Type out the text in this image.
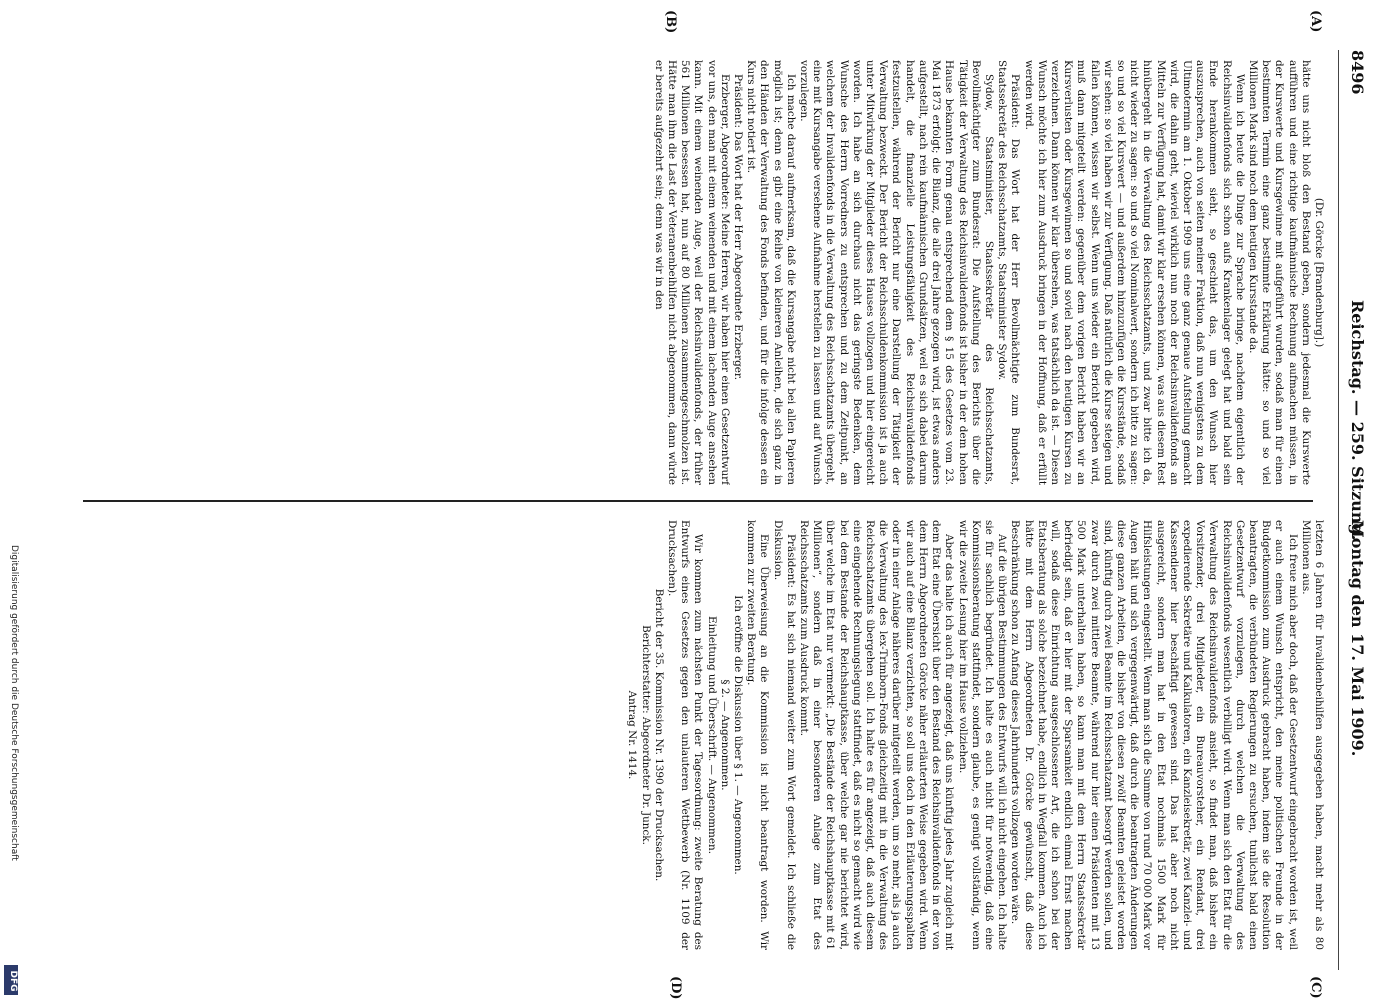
8496
Reichstag. — 259. Sitzung.
Montag den 17. Mai 1909.
(A)
(B)
(C)
(D)

(Dr. Görcke [Brandenburg].)

hätte uns nicht bloß den Bestand geben, sondern jedesmal die Kurswerte aufführen und eine richtige kaufmännische Rechnung aufmachen müssen, in der Kurswerte und Kursgewinne mit aufgeführt wurden, sodaß man für einen bestimmten Termin eine ganz bestimmte Erklärung hätte: so und so viel Millionen Mark sind noch dem heutigen Kursstande da.

Wenn ich heute die Dinge zur Sprache bringe, nachdem eigentlich der Reichsinvalidenfonds sich schon aufs Krankenlager gelegt hat und bald sein Ende herankommen sieht, so geschieht das, um den Wunsch hier auszusprechen, auch von seiten meiner Fraktion, daß nun wenigstens zu dem Ultimotermin am 1. Oktober 1909 uns eine ganz genaue Aufstellung gemacht wird, die dahin geht, wieviel wirklich nun noch der Reichsinvalidenfonds an Mitteln zur Verfügung hat, damit wir klar ersehen können, was aus diesem Rest hinübergeht in die Verwaltung des Reichsschatzamts, und zwar bitte ich da, nicht wieder zu sagen: so und so viel Nominalwert, sondern ich bitte zu sagen: so und so viel Kurswert — und außerdem hinzuzufügen die Kursstände, sodaß wir sehen: so viel haben wir zur Verfügung. Daß natürlich die Kurse steigen und fallen können, wissen wir selbst. Wenn uns wieder ein Bericht gegeben wird, muß dann mitgeteilt werden: gegenüber dem vorigen Bericht haben wir an Kursverlusten oder Kursgewinnen so und soviel nach den heutigen Kursen zu verzeichnen. Dann können wir klar übersehen, was tatsächlich da ist. — Diesen Wunsch möchte ich hier zum Ausdruck bringen in der Hoffnung, daß er erfüllt werden wird.

Präsident: Das Wort hat der Herr Bevollmächtigte zum Bundesrat, Staatssekretär des Reichsschatzamts, Staatsminister Sydow.

Sydow, Staatsminister, Staatssekretär des Reichsschatzamts, Bevollmächtigter zum Bundesrat: Die Aufstellung des Berichts über die Tätigkeit der Verwaltung des Reichsinvalidenfonds ist bisher in der dem hohen Hause bekannten Form genau entsprechend dem § 15 des Gesetzes vom 23. Mai 1873 erfolgt; die Bilanz, die alle drei Jahre gezogen wird, ist etwas anders aufgestellt, nach rein kaufmännischen Grundsätzen, weil es sich dabei darum handelt, die finanzielle Leistungsfähigkeit des Reichsinvalidenfonds festzustellen, während der Bericht nur eine Darstellung der Tätigkeit der Verwaltung bezweckt. Der Bericht der Reichsschuldenkommission ist ja auch unter Mitwirkung der Mitglieder dieses Hauses vollzogen und hier eingereicht worden. Ich habe an sich durchaus nicht das geringste Bedenken, dem Wunsche des Herrn Vorredners zu entsprechen und zu dem Zeitpunkt, an welchem der Invalidenfonds in die Verwaltung des Reichsschatzamts übergeht, eine mit Kursangabe versehene Aufnahme herstellen zu lassen und auf Wunsch vorzulegen.

Ich mache darauf aufmerksam, daß die Kursangabe nicht bei allen Papieren möglich ist; denn es gibt eine Reihe von kleineren Anleihen, die sich ganz in den Händen der Verwaltung des Fonds befinden, und für die infolge dessen ein Kurs nicht notiert ist.

Präsident: Das Wort hat der Herr Abgeordnete Erzberger.

Erzberger, Abgeordneter: Meine Herren, wir haben hier einen Gesetzentwurf vor uns, den man mit einem weinenden und mit einem lachenden Auge ansehen kann. Mit einem weinenden Auge, weil der Reichsinvalidenfonds, der früher 561 Millionen besessen hat, nun auf 80 Millionen zusammengeschmolzen ist. Hätte man ihm die Last der Veteranenbeihilfen nicht abgenommen, dann würde er bereits aufgezehrt sein; denn was wir in den

letzten 6 Jahren für Invalidenbeihilfen ausgegeben haben, macht mehr als 80 Millionen aus.

Ich freue mich aber doch, daß der Gesetzentwurf eingebracht worden ist, weil er auch einem Wunsch entspricht, den meine politischen Freunde in der Budgetkommission zum Ausdruck gebracht haben, indem sie die Resolution beantragten, die verbündeten Regierungen zu ersuchen, tunlichst bald einen Gesetzentwurf vorzulegen, durch welchen die Verwaltung des Reichsinvalidenfonds wesentlich verbilligt wird. Wenn man sich den Etat für die Verwaltung des Reichsinvalidenfonds ansieht, so findet man, daß bisher ein Vorsitzender, drei Mitglieder, ein Bureauvorsteher, ein Rendant, drei expedierende Sekretäre und Kalkulatoren, ein Kanzleisekretär, zwei Kanzlei- und Kassendiener hier beschäftigt gewesen sind. Das hat aber noch nicht ausgereicht, sondern man hat in den Etat nochmals 1500 Mark für Hilfsleistungen eingestellt. Wenn man sich die Summe von rund 70 000 Mark vor Augen hält und sich vergegenwärtigt, daß durch die beantragten Änderungen diese ganzen Arbeiten, die bisher von diesen zwölf Beamten geleistet worden sind, künftig durch zwei Beamte im Reichsschatzamt besorgt werden sollen, und zwar durch zwei mittlere Beamte, während nur hier einen Präsidenten mit 13 500 Mark unterhalten haben, so kann man mit dem Herrn Staatssekretär befriedigt sein, daß er hier mit der Sparsamkeit endlich einmal Ernst machen will, sodaß diese Einrichtung ausgeschlossener Art, die ich schon bei der Etatsberatung als solche bezeichnet habe, endlich in Wegfall kommen. Auch ich hätte mit dem Herrn Abgeordneten Dr. Görcke gewünscht, daß diese Beschränkung schon zu Anfang dieses Jahrhunderts vollzogen worden wäre.

Auf die übrigen Bestimmungen des Entwurfs will ich nicht eingehen. Ich halte sie für sachlich begründet. Ich halte es auch nicht für notwendig, daß eine Kommissionsberatung stattfindet, sondern glaube, es genügt vollständig, wenn wir die zweite Lesung hier im Hause vollziehen.

Aber das halte ich auch für angezeigt, daß uns künftig jedes Jahr zugleich mit dem Etat eine Übersicht über den Bestand des Reichsinvalidenfonds in der von dem Herrn Abgeordneten Görcke näher erläuterten Weise gegeben wird. Wenn wir auch auf eine Bilanz verzichten, so soll uns doch in den Erläuterungsspalten oder in einer Anlage näheres darüber mitgeteilt werden, um so mehr, als ja auch die Verwaltung des lex-Trimborn-Fonds gleichzeitig mit in die Verwaltung des Reichsschatzamts übergehen soll. Ich halte es für angezeigt, daß auch diesem eine eingehende Rechnungslegung stattfindet, daß es nicht so gemacht wird wie bei dem Bestande der Reichshauptkasse, über welche gar nie berichtet wird, über welche im Etat nur vermerkt: „Die Bestände der Reichshauptkasse mit 61 Millionen“, sondern daß in einer besonderen Anlage zum Etat des Reichsschatzamts zum Ausdruck kommt.

Präsident: Es hat sich niemand weiter zum Wort gemeldet. Ich schließe die Diskussion.

Eine Überweisung an die Kommission ist nicht beantragt worden. Wir kommen zur zweiten Beratung.

Ich eröffne die Diskussion über § 1. — Angenommen.

§ 2. — Angenommen.

Einleitung und Überschrift. — Angenommen.

Wir kommen zum nächsten Punkt der Tagesordnung: zweite Beratung des Entwurfs eines Gesetzes gegen den unlauteren Wettbewerb (Nr. 1109 der Drucksachen).

Bericht der 35. Kommission Nr. 1390 der Drucksachen.

Berichterstatter: Abgeordneter Dr. Junck.

Antrag Nr. 1414.

Digitalisierung gefördert durch die Deutsche Forschungsgemeinschaft
DFG
